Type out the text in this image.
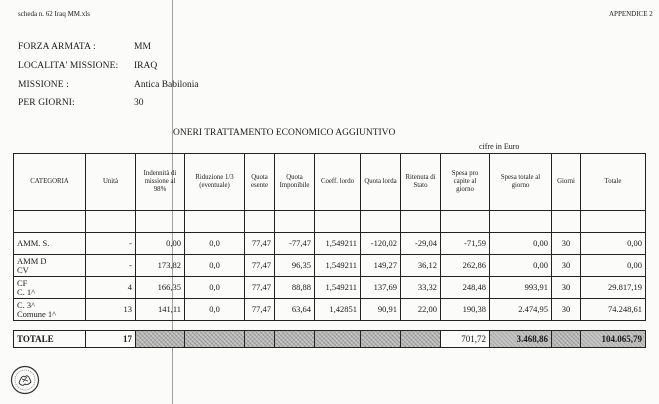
scheda n. 62 Iraq MM.xls	APPENDICE 2
FORZA ARMATA :	MM
LOCALITA' MISSIONE: IRAQ
MISSIONE :	Antica Babilonia
PER GIORNI:	30
ONERI TRATTAMENTO ECONOMICO AGGIUNTIVO
cifre in Euro
CATEGORIA	Unità	Indennità di missione al 98%	Riduzione 1/3 (eventuale)	Quota esente	Quota Imponibile	Coeff. lordo	Quota lorda	Ritenuta di Stato	Spesa pro capite al giorno	Spesa totale al giorno	Giorni	Totale

AMM. S.	-	0,00	0,0	77,47	-77,47	1,549211	-120,02	-29,04	-71,59	0,00	30	0,00
AMM D
CV	-	173,82	0,0	77,47	96,35	1,549211	149,27	36,12	262,86	0,00	30	0,00
CF
C. 1^	4	166,35	0,0	77,47	88,88	1,549211	137,69	33,32	248,48	993,91	30	29.817,19
C. 3^
Comune 1^	13	141,11	0,0	77,47	63,64	1,42851	90,91	22,00	190,38	2.474,95	30	74.248,61

TOTALE	17								701,72	3.468,86		104.065,79
